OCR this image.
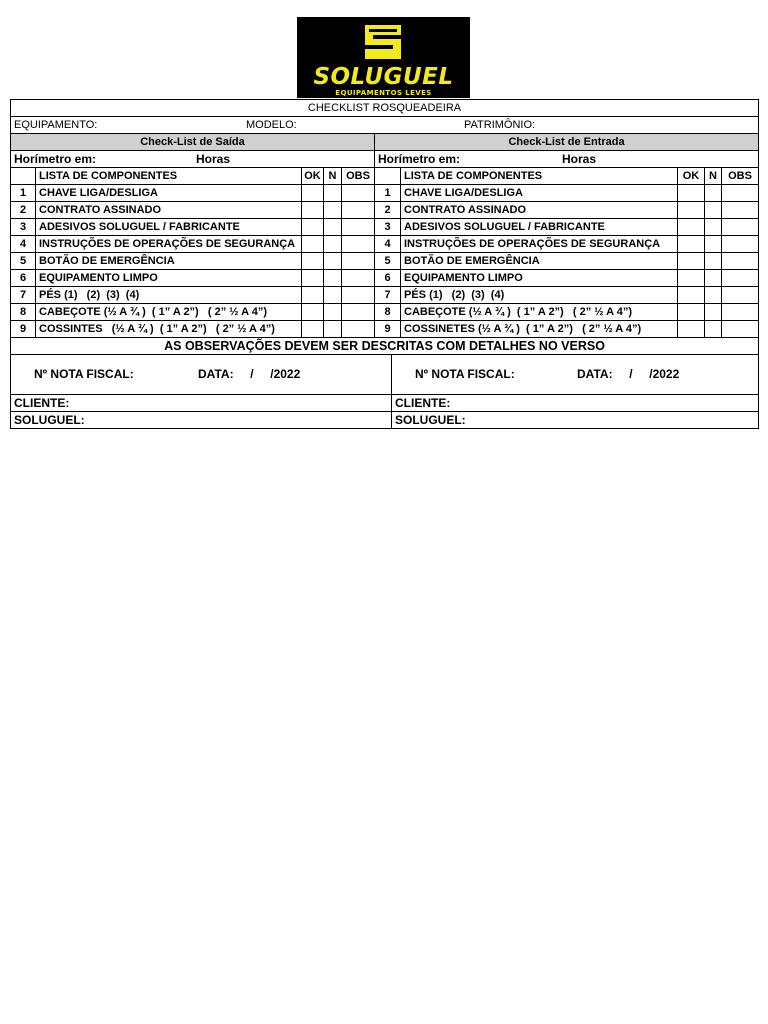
SOLUGUEL
EQUIPAMENTOS LEVES
CHECKLIST ROSQUEADEIRA										
EQUIPAMENTO: MODELO: PATRIMÔNIO:										
Check-List de Saída					Check-List de Entrada					
Horímetro em: Horas					Horímetro em: Horas					
	LISTA DE COMPONENTES	OK	N	OBS			LISTA DE COMPONENTES	OK	N	OBS
1	CHAVE LIGA/DESLIGA				1		CHAVE LIGA/DESLIGA			
2	CONTRATO ASSINADO				2		CONTRATO ASSINADO			
3	ADESIVOS SOLUGUEL / FABRICANTE				3		ADESIVOS SOLUGUEL / FABRICANTE			
4	INSTRUÇÕES DE OPERAÇÕES DE SEGURANÇA				4		INSTRUÇÕES DE OPERAÇÕES DE SEGURANÇA			
5	BOTÃO DE EMERGÊNCIA				5		BOTÃO DE EMERGÊNCIA			
6	EQUIPAMENTO LIMPO				6		EQUIPAMENTO LIMPO			
7	PÉS (1)   (2)  (3)  (4)				7		PÉS (1)   (2)  (3)  (4)			
8	CABEÇOTE (½ A ¾ )  ( 1” A 2”)   ( 2” ½ A 4”)				8		CABEÇOTE (½ A ¾ )  ( 1” A 2”)   ( 2” ½ A 4”)			
9	COSSINTES   (½ A ¾ )  ( 1” A 2”)   ( 2” ½ A 4”)				9		COSSINETES (½ A ¾ )  ( 1” A 2”)   ( 2” ½ A 4”)			
AS OBSERVAÇÕES DEVEM SER DESCRITAS COM DETALHES NO VERSO										

Nº NOTA FISCAL: DATA:     /     /2022						Nº NOTA FISCAL: DATA:     /     /2022				

CLIENTE:						CLIENTE:				
SOLUGUEL:						SOLUGUEL:				
